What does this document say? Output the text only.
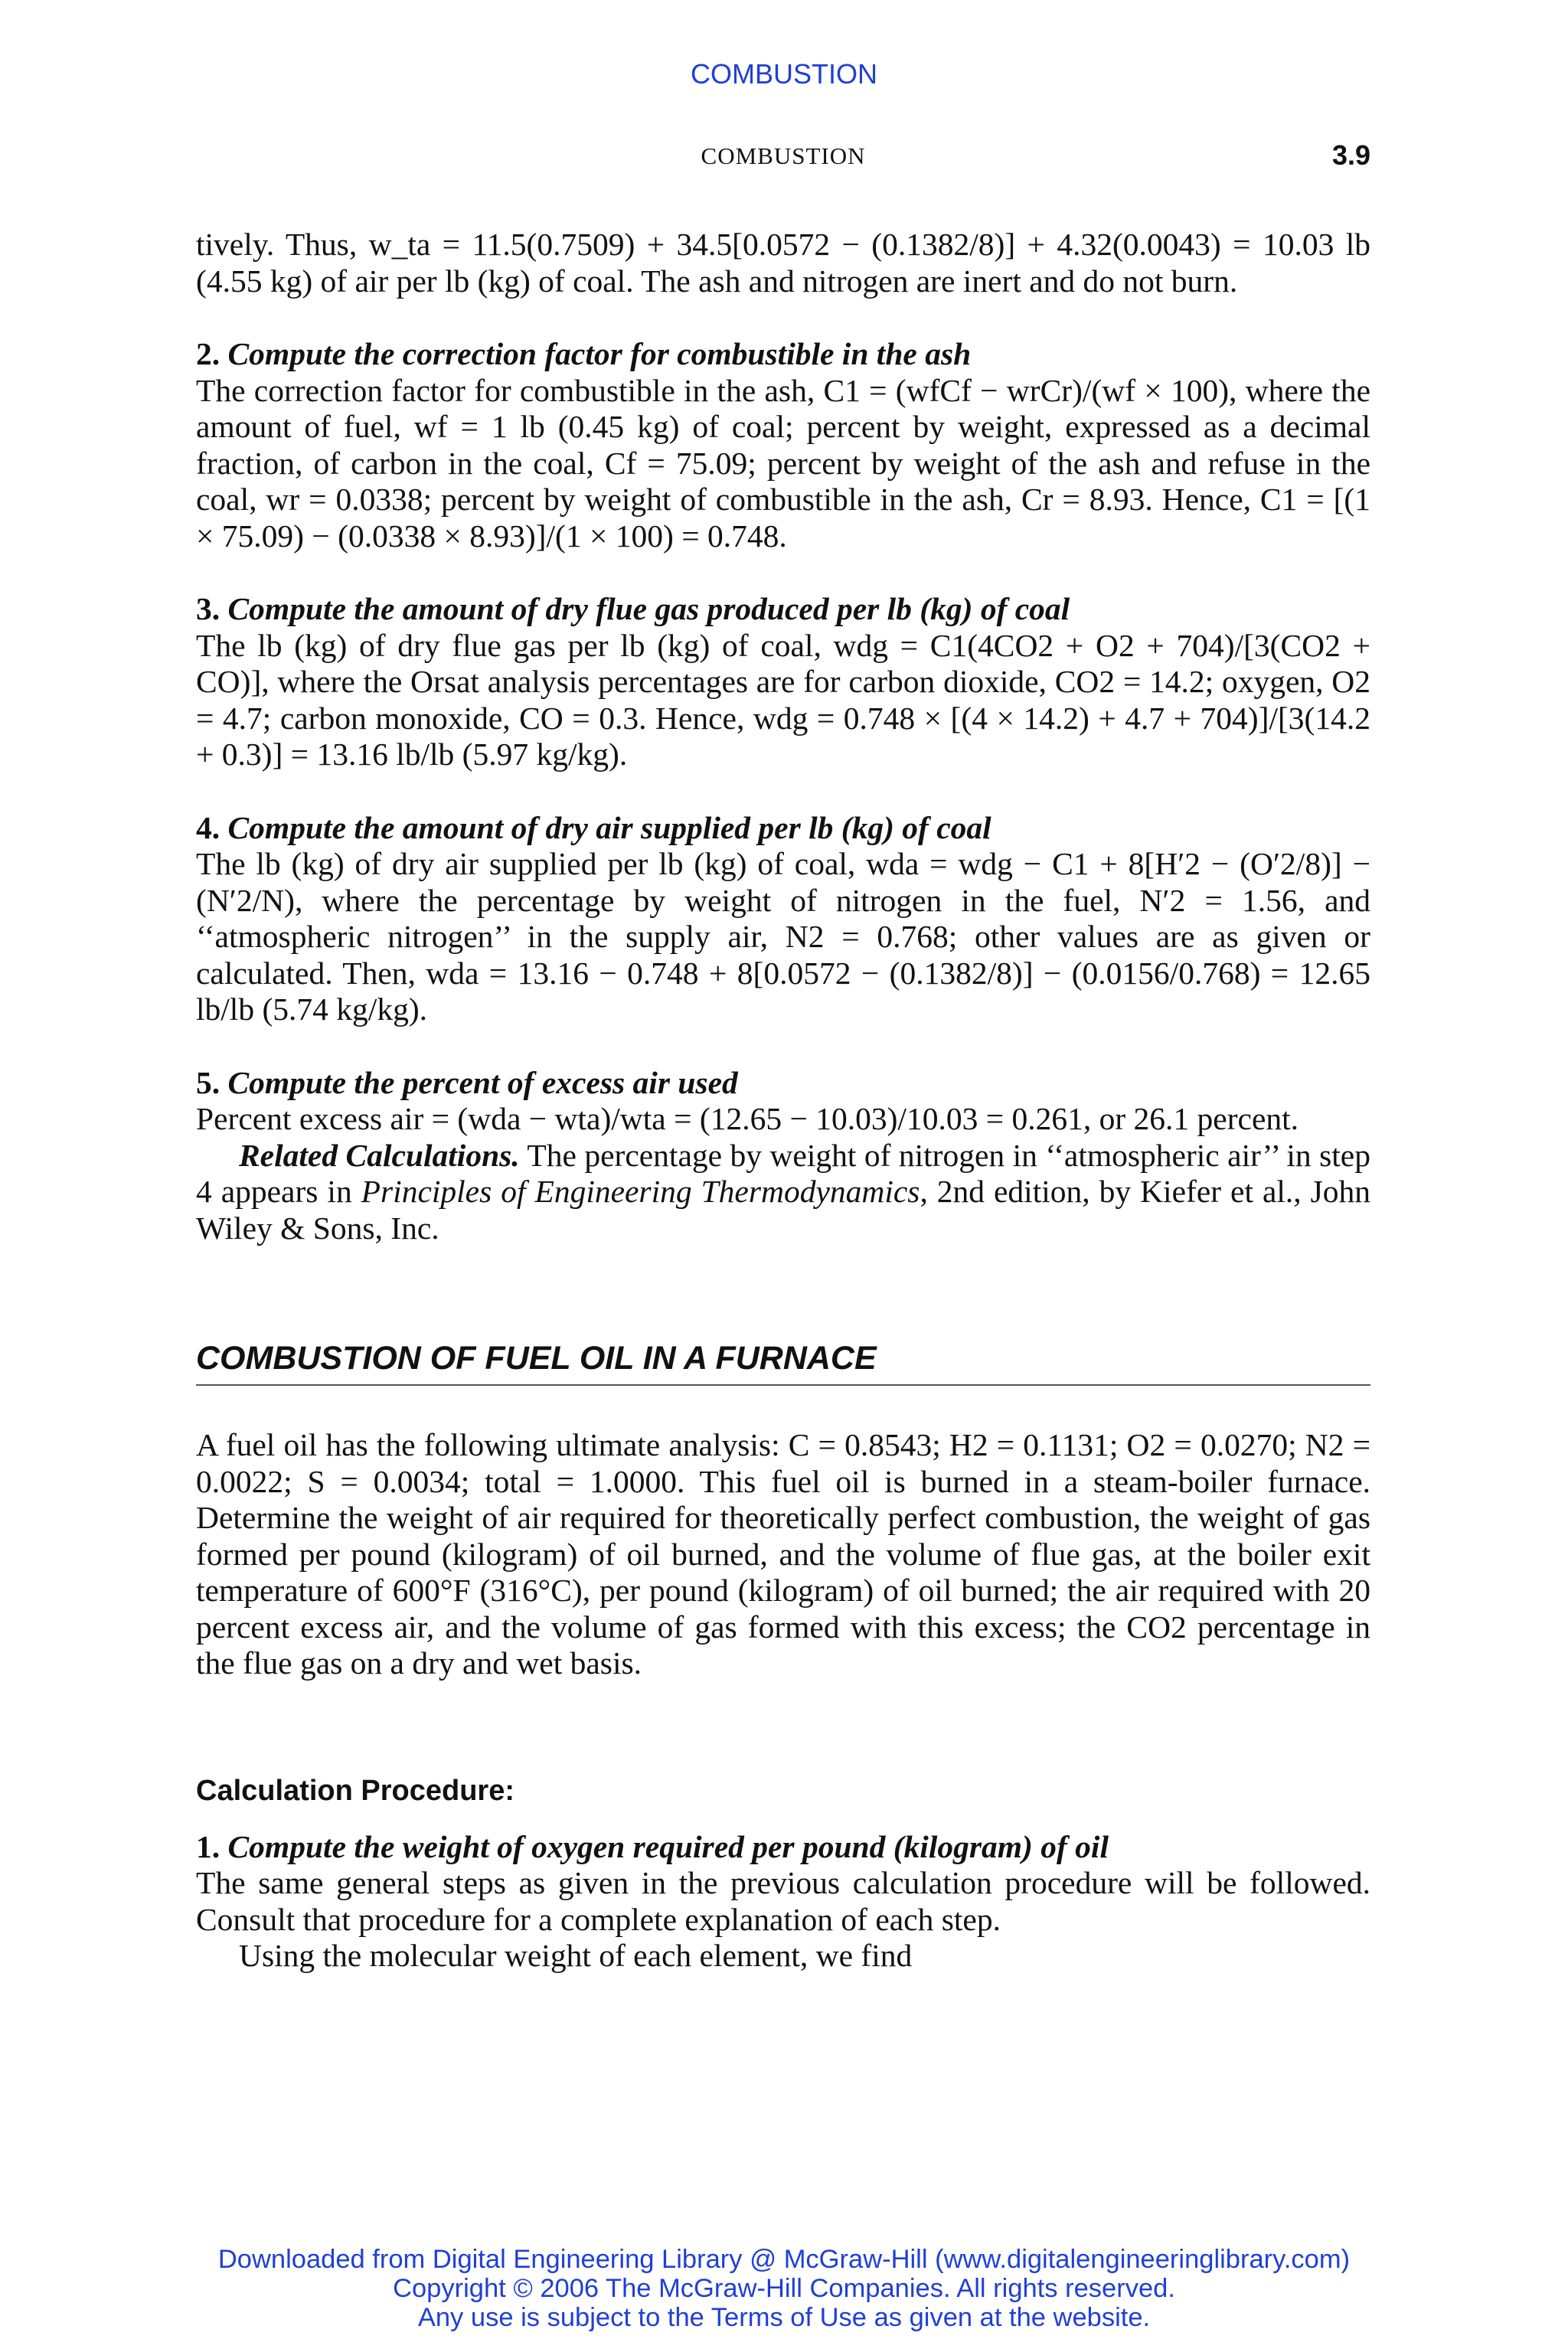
COMBUSTION
COMBUSTION	3.9

tively. Thus, w_ta = 11.5(0.7509) + 34.5[0.0572 − (0.1382/8)] + 4.32(0.0043) = 10.03 lb (4.55 kg) of air per lb (kg) of coal. The ash and nitrogen are inert and do not burn.

2. Compute the correction factor for combustible in the ash

The correction factor for combustible in the ash, C1 = (wfCf − wrCr)/(wf × 100), where the amount of fuel, wf = 1 lb (0.45 kg) of coal; percent by weight, expressed as a decimal fraction, of carbon in the coal, Cf = 75.09; percent by weight of the ash and refuse in the coal, wr = 0.0338; percent by weight of combustible in the ash, Cr = 8.93. Hence, C1 = [(1 × 75.09) − (0.0338 × 8.93)]/(1 × 100) = 0.748.

3. Compute the amount of dry flue gas produced per lb (kg) of coal

The lb (kg) of dry flue gas per lb (kg) of coal, wdg = C1(4CO2 + O2 + 704)/[3(CO2 + CO)], where the Orsat analysis percentages are for carbon dioxide, CO2 = 14.2; oxygen, O2 = 4.7; carbon monoxide, CO = 0.3. Hence, wdg = 0.748 × [(4 × 14.2) + 4.7 + 704)]/[3(14.2 + 0.3)] = 13.16 lb/lb (5.97 kg/kg).

4. Compute the amount of dry air supplied per lb (kg) of coal

The lb (kg) of dry air supplied per lb (kg) of coal, wda = wdg − C1 + 8[H′2 − (O′2/8)] − (N′2/N), where the percentage by weight of nitrogen in the fuel, N′2 = 1.56, and ‘‘atmospheric nitrogen’’ in the supply air, N2 = 0.768; other values are as given or calculated. Then, wda = 13.16 − 0.748 + 8[0.0572 − (0.1382/8)] − (0.0156/0.768) = 12.65 lb/lb (5.74 kg/kg).

5. Compute the percent of excess air used

Percent excess air = (wda − wta)/wta = (12.65 − 10.03)/10.03 = 0.261, or 26.1 percent.

Related Calculations. The percentage by weight of nitrogen in ‘‘atmospheric air’’ in step 4 appears in Principles of Engineering Thermodynamics, 2nd edition, by Kiefer et al., John Wiley & Sons, Inc.

COMBUSTION OF FUEL OIL IN A FURNACE

A fuel oil has the following ultimate analysis: C = 0.8543; H2 = 0.1131; O2 = 0.0270; N2 = 0.0022; S = 0.0034; total = 1.0000. This fuel oil is burned in a steam-boiler furnace. Determine the weight of air required for theoretically perfect combustion, the weight of gas formed per pound (kilogram) of oil burned, and the volume of flue gas, at the boiler exit temperature of 600°F (316°C), per pound (kilogram) of oil burned; the air required with 20 percent excess air, and the volume of gas formed with this excess; the CO2 percentage in the flue gas on a dry and wet basis.

Calculation Procedure:

1. Compute the weight of oxygen required per pound (kilogram) of oil

The same general steps as given in the previous calculation procedure will be followed. Consult that procedure for a complete explanation of each step.

Using the molecular weight of each element, we find

Downloaded from Digital Engineering Library @ McGraw-Hill (www.digitalengineeringlibrary.com)
Copyright © 2006 The McGraw-Hill Companies. All rights reserved.
Any use is subject to the Terms of Use as given at the website.
